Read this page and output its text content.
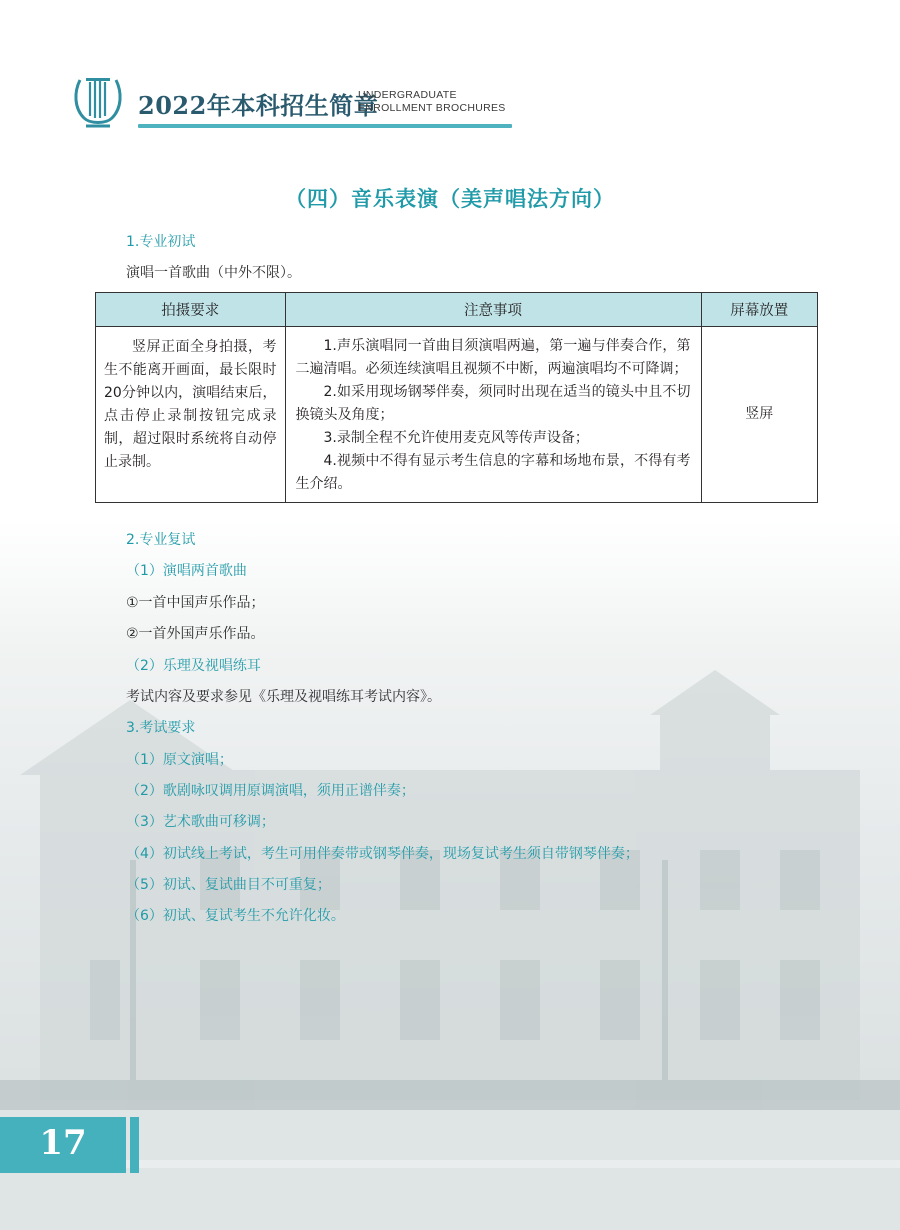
2022年本科招生简章
UNDERGRADUATE
ENROLLMENT BROCHURES
（四）音乐表演（美声唱法方向）
1.专业初试
演唱一首歌曲（中外不限）。
拍摄要求	注意事项	屏幕放置

竖屏正面全身拍摄，考生不能离开画面，最长限时20分钟以内，演唱结束后，点击停止录制按钮完成录制，超过限时系统将自动停止录制。	1.声乐演唱同一首曲目须演唱两遍，第一遍与伴奏合作，第二遍清唱。必须连续演唱且视频不中断，两遍演唱均不可降调；
2.如采用现场钢琴伴奏，须同时出现在适当的镜头中且不切换镜头及角度；
3.录制全程不允许使用麦克风等传声设备；
4.视频中不得有显示考生信息的字幕和场地布景，不得有考生介绍。	竖屏
2.专业复试
（1）演唱两首歌曲
①一首中国声乐作品；
②一首外国声乐作品。
（2）乐理及视唱练耳
考试内容及要求参见《乐理及视唱练耳考试内容》。
3.考试要求
（1）原文演唱；
（2）歌剧咏叹调用原调演唱，须用正谱伴奏；
（3）艺术歌曲可移调；
（4）初试线上考试，考生可用伴奏带或钢琴伴奏，现场复试考生须自带钢琴伴奏；
（5）初试、复试曲目不可重复；
（6）初试、复试考生不允许化妆。
17
